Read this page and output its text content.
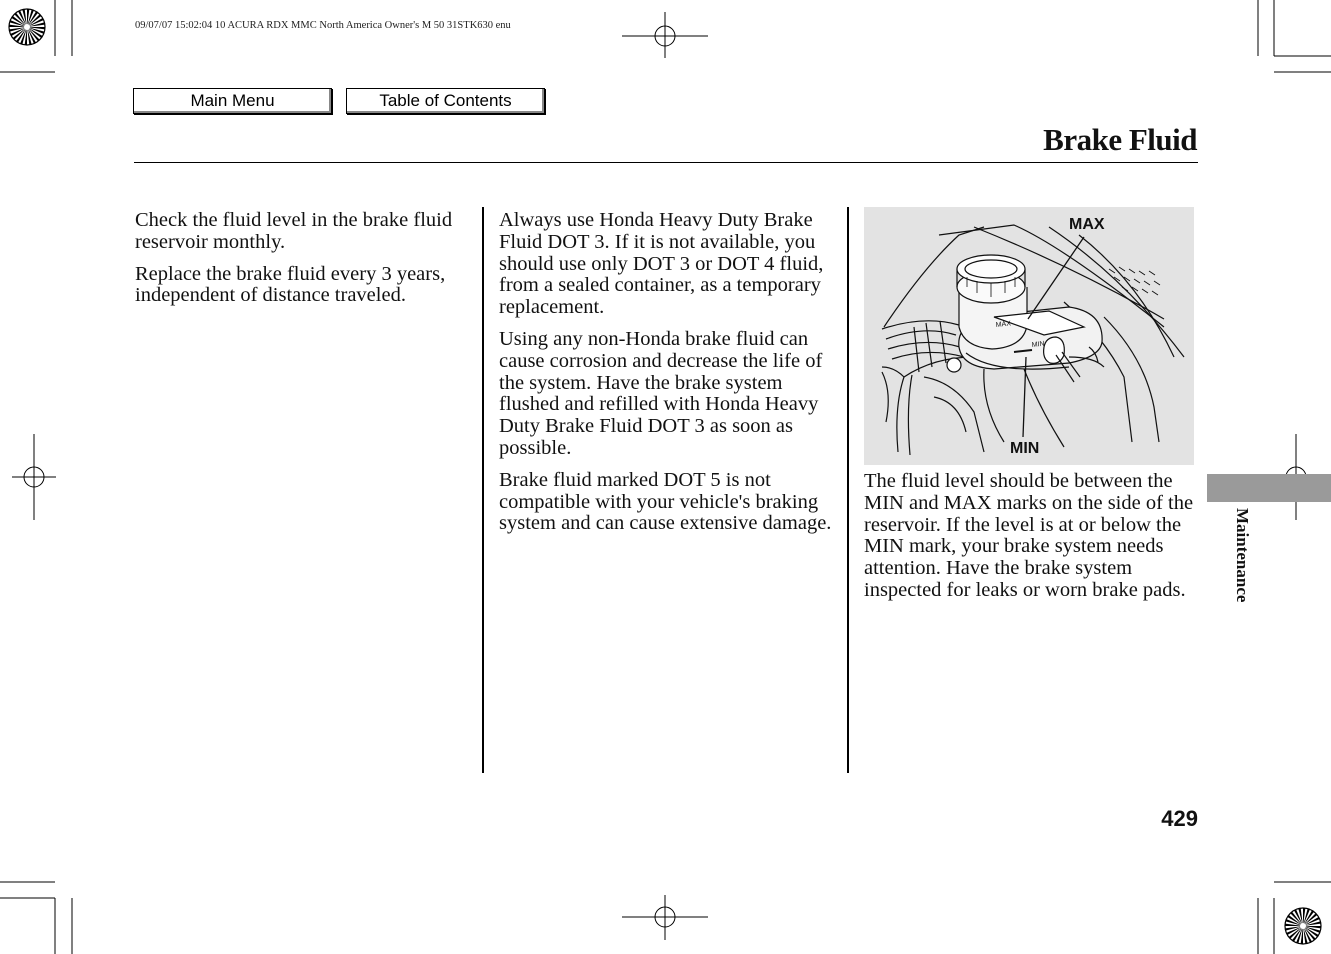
09/07/07 15:02:04 10 ACURA RDX MMC North America Owner's M 50 31STK630 enu
Main Menu	Table of Contents
Brake Fluid

Check the fluid level in the brake fluid reservoir monthly.

Replace the brake fluid every 3 years, independent of distance traveled.

Always use Honda Heavy Duty Brake Fluid DOT 3. If it is not available, you should use only DOT 3 or DOT 4 fluid, from a sealed container, as a temporary replacement.

Using any non-Honda brake fluid can cause corrosion and decrease the life of the system. Have the brake system flushed and refilled with Honda Heavy Duty Brake Fluid DOT 3 as soon as possible.

Brake fluid marked DOT 5 is not compatible with your vehicle's braking system and can cause extensive damage.

MAX
MIN
MAX
MIN

The fluid level should be between the MIN and MAX marks on the side of the reservoir. If the level is at or below the MIN mark, your brake system needs attention. Have the brake system inspected for leaks or worn brake pads.	Maintenance
429
